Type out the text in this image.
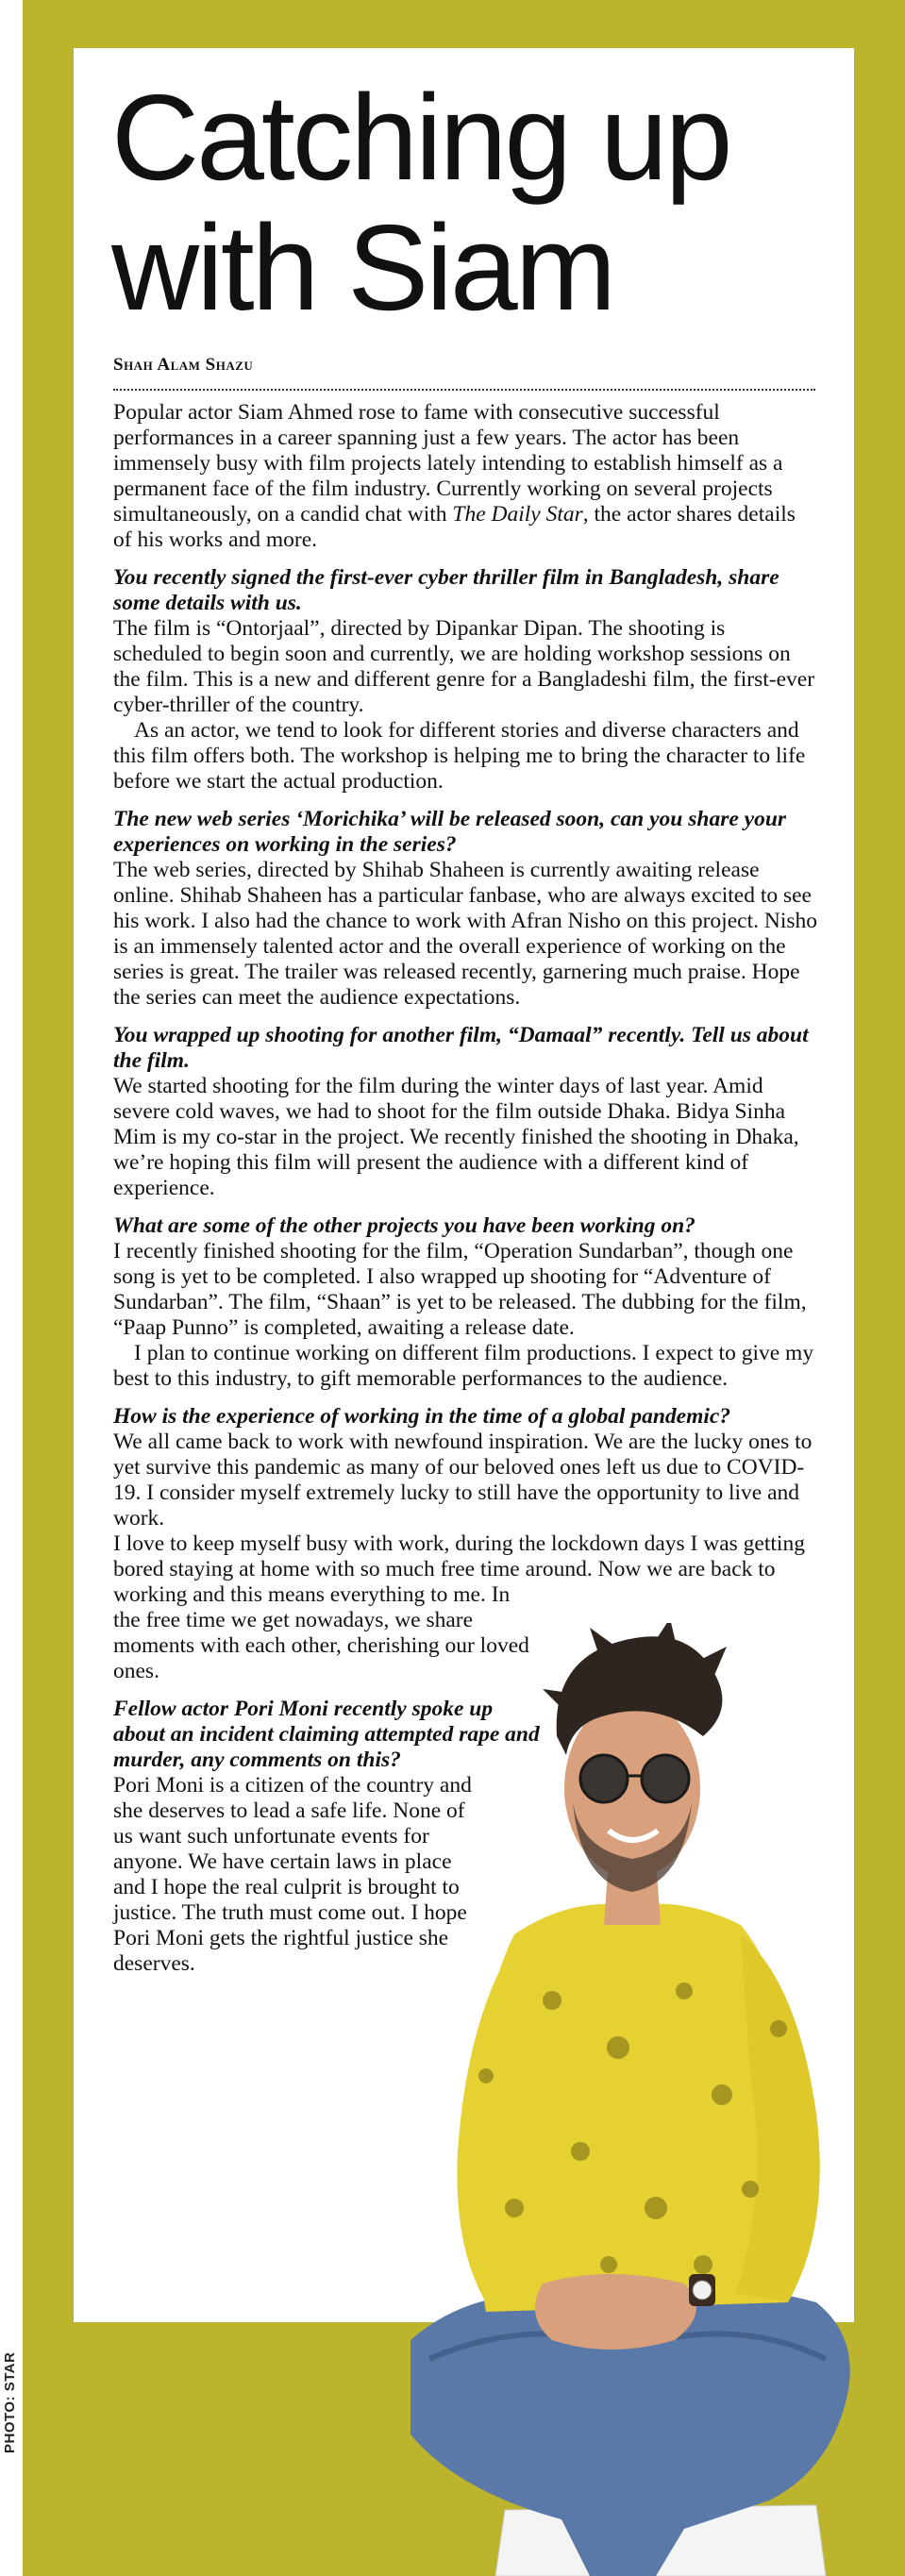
PHOTO: STAR
Catching up
with Siam
Shah Alam Shazu

Popular actor Siam Ahmed rose to fame with consecutive successful performances in a career spanning just a few years. The actor has been immensely busy with film projects lately intending to establish himself as a permanent face of the film industry. Currently working on several projects simultaneously, on a candid chat with The Daily Star, the actor shares details of his works and more.

You recently signed the first-ever cyber thriller film in Bangladesh, share some details with us.

The film is “Ontorjaal”, directed by Dipankar Dipan. The shooting is scheduled to begin soon and currently, we are holding workshop sessions on the film. This is a new and different genre for a Bangladeshi film, the first-ever cyber-thriller of the country.

As an actor, we tend to look for different stories and diverse characters and this film offers both. The workshop is helping me to bring the character to life before we start the actual production.

The new web series ‘Morichika’ will be released soon, can you share your experiences on working in the series?

The web series, directed by Shihab Shaheen is currently awaiting release online. Shihab Shaheen has a particular fanbase, who are always excited to see his work. I also had the chance to work with Afran Nisho on this project. Nisho is an immensely talented actor and the overall experience of working on the series is great. The trailer was released recently, garnering much praise. Hope the series can meet the audience expectations.

You wrapped up shooting for another film, “Damaal” recently. Tell us about the film.

We started shooting for the film during the winter days of last year. Amid severe cold waves, we had to shoot for the film outside Dhaka. Bidya Sinha Mim is my co-star in the project. We recently finished the shooting in Dhaka, we’re hoping this film will present the audience with a different kind of experience.

What are some of the other projects you have been working on?

I recently finished shooting for the film, “Operation Sundarban”, though one song is yet to be completed. I also wrapped up shooting for “Adventure of Sundarban”. The film, “Shaan” is yet to be released. The dubbing for the film, “Paap Punno” is completed, awaiting a release date.

I plan to continue working on different film productions. I expect to give my best to this industry, to gift memorable performances to the audience.

How is the experience of working in the time of a global pandemic?

We all came back to work with newfound inspiration. We are the lucky ones to yet survive this pandemic as many of our beloved ones left us due to COVID-19. I consider myself extremely lucky to still have the opportunity to live and work.

I love to keep myself busy with work, during the lockdown days I was getting bored staying at home with so much free time around. Now we are back to working and this means everything to me. In

the free time we get nowadays, we share moments with each other, cherishing our loved ones.

Fellow actor Pori Moni recently spoke up about an incident claiming attempted rape and murder, any comments on this?

Pori Moni is a citizen of the country and she deserves to lead a safe life. None of us want such unfortunate events for anyone. We have certain laws in place and I hope the real culprit is brought to justice. The truth must come out. I hope Pori Moni gets the rightful justice she deserves.
